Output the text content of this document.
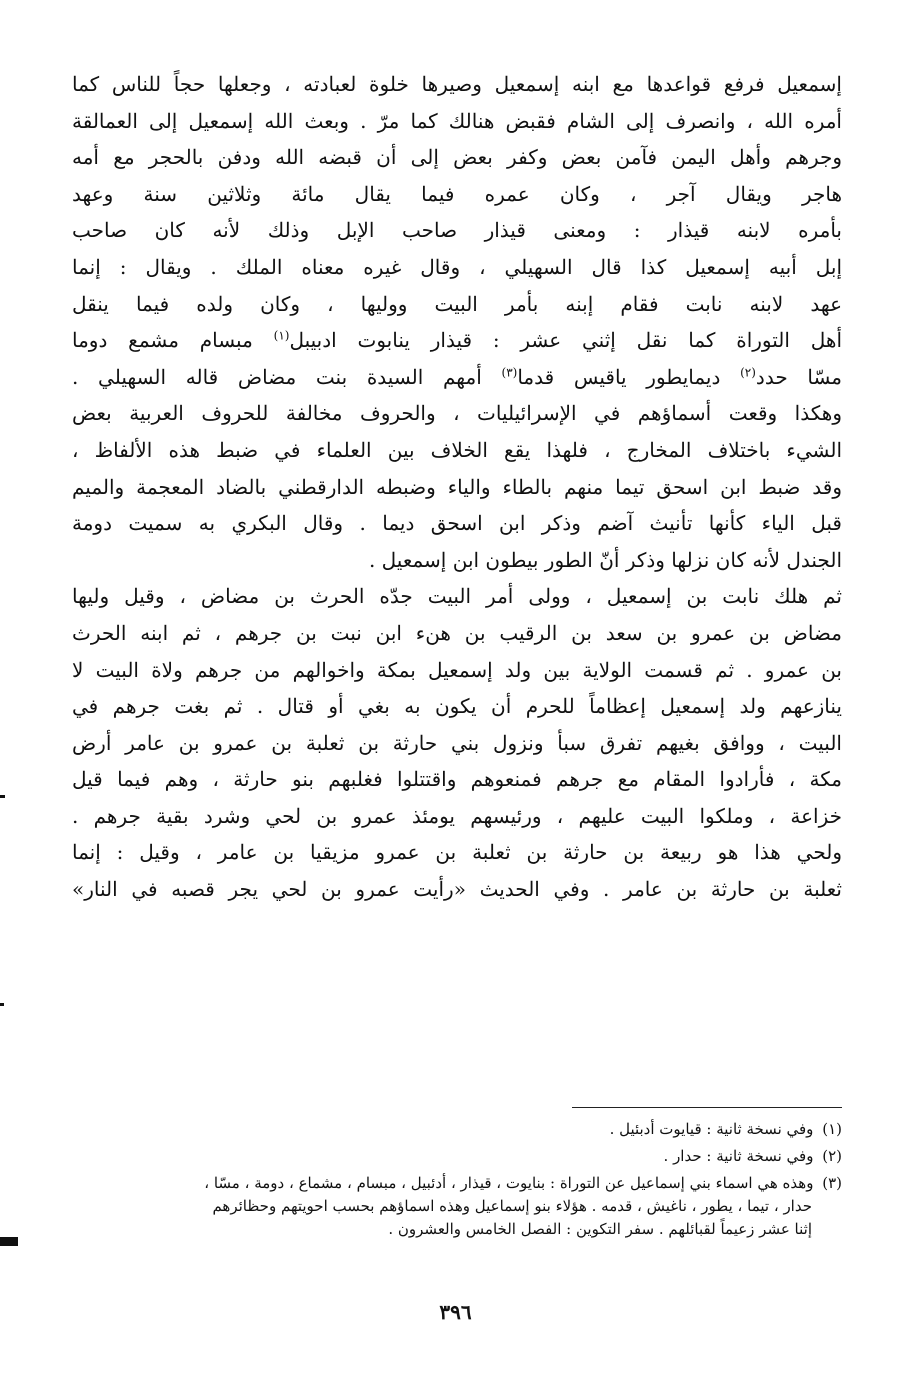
إسمعيل فرفع قواعدها مع ابنه إسمعيل وصيرها خلوة لعبادته ، وجعلها حجاً للناس كما
أمره الله ، وانصرف إلى الشام فقبض هنالك كما مرّ . وبعث الله إسمعيل إلى العمالقة
وجرهم وأهل اليمن فآمن بعض وكفر بعض إلى أن قبضه الله ودفن بالحجر مع أمه
هاجر ويقال آجر ، وكان عمره فيما يقال مائة وثلاثين سنة وعهد
بأمره لابنه قيذار : ومعنى قيذار صاحب الإبل وذلك لأنه كان صاحب
إبل أبيه إسمعيل كذا قال السهيلي ، وقال غيره معناه الملك . ويقال : إنما
عهد لابنه نابت فقام إبنه بأمر البيت ووليها ، وكان ولده فيما ينقل
أهل التوراة كما نقل إثني عشر : قيذار ينابوت ادبيبل$^{(١)}$ مبسام مشمع دوما
مسّا حدد$^{(٢)}$ ديمايطور ياقيس قدما$^{(٣)}$ أمهم السيدة بنت مضاض قاله السهيلي .
وهكذا وقعت أسماؤهم في الإسرائيليات ، والحروف مخالفة للحروف العربية بعض
الشيء باختلاف المخارج ، فلهذا يقع الخلاف بين العلماء في ضبط هذه الألفاظ ،
وقد ضبط ابن اسحق تيما منهم بالطاء والياء وضبطه الدارقطني بالضاد المعجمة والميم
قبل الياء كأنها تأنيث آضم وذكر ابن اسحق ديما . وقال البكري به سميت دومة
الجندل لأنه كان نزلها وذكر أنّ الطور بيطون ابن إسمعيل .
ثم هلك نابت بن إسمعيل ، وولى أمر البيت جدّه الحرث بن مضاض ، وقيل وليها
مضاض بن عمرو بن سعد بن الرقيب بن هنء ابن نبت بن جرهم ، ثم ابنه الحرث
بن عمرو . ثم قسمت الولاية بين ولد إسمعيل بمكة واخوالهم من جرهم ولاة البيت لا
ينازعهم ولد إسمعيل إعظاماً للحرم أن يكون به بغي أو قتال . ثم بغت جرهم في
البيت ، ووافق بغيهم تفرق سبأ ونزول بني حارثة بن ثعلبة بن عمرو بن عامر أرض
مكة ، فأرادوا المقام مع جرهم فمنعوهم واقتتلوا فغلبهم بنو حارثة ، وهم فيما قيل
خزاعة ، وملكوا البيت عليهم ، ورئيسهم يومئذ عمرو بن لحي وشرد بقية جرهم .
ولحي هذا هو ربيعة بن حارثة بن ثعلبة بن عمرو مزيقيا بن عامر ، وقيل : إنما
ثعلبة بن حارثة بن عامر . وفي الحديث «رأيت عمرو بن لحي يجر قصبه في النار»

(١) وفي نسخة ثانية : قيايوت أدبئيل .

(٢) وفي نسخة ثانية : حدار .

(٣) وهذه هي اسماء بني إسماعيل عن التوراة : بنايوت ، قيذار ، أدئبيل ، مبسام ، مشماع ، دومة ، مسّا ،
حدار ، تيما ، يطور ، ناغيش ، قدمه . هؤلاء بنو إسماعيل وهذه اسماؤهم بحسب احويتهم وحظائرهم
إثنا عشر زعيماً لقبائلهم . سفر التكوين : الفصل الخامس والعشرون .

٣٩٦
